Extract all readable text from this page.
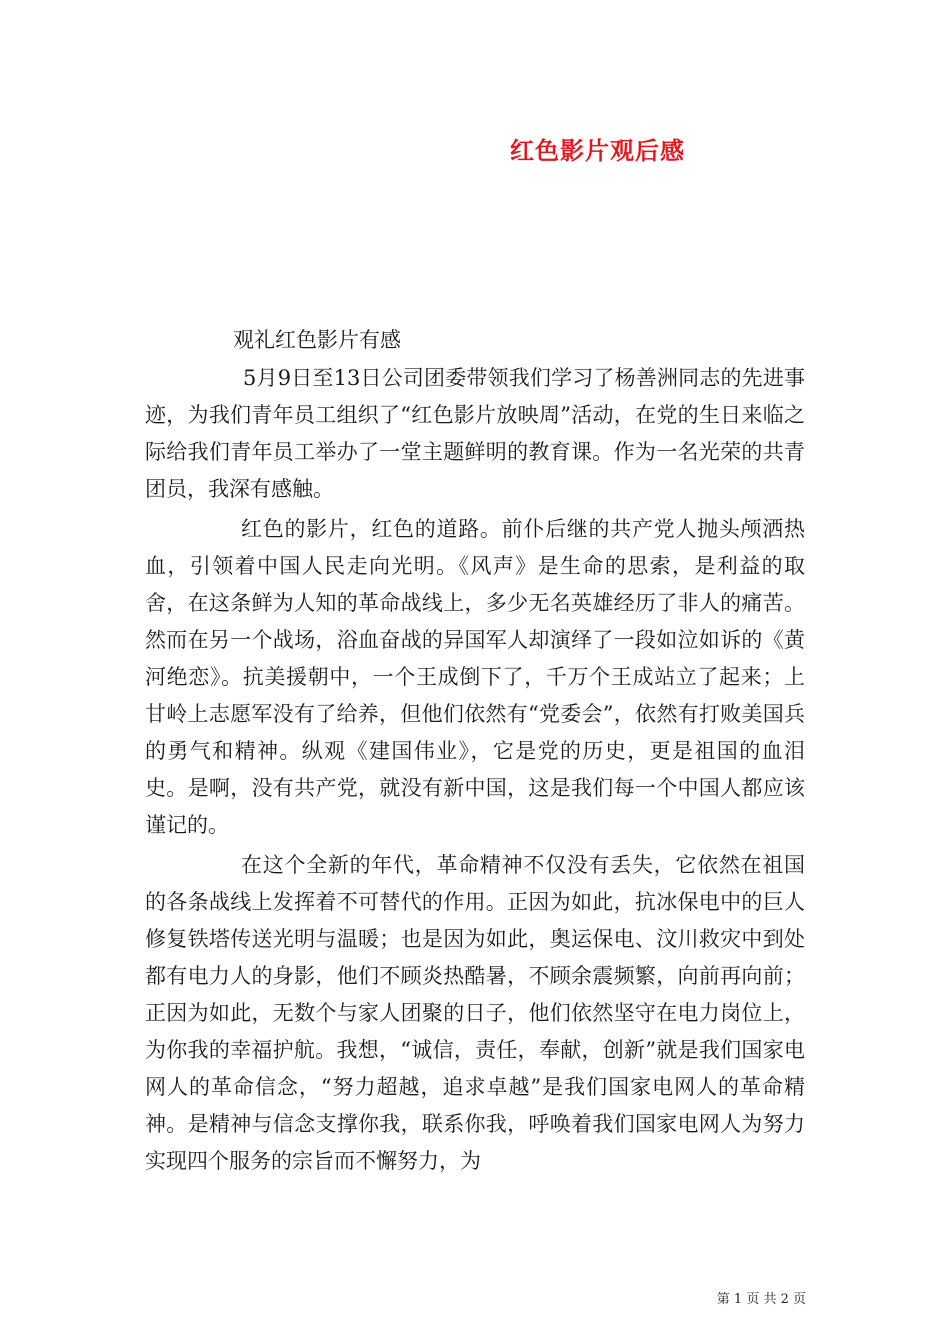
红色影片观后感

观礼红色影片有感

5月9日至13日公司团委带领我们学习了杨善洲同志的先进事迹，为我们青年员工组织了“红色影片放映周”活动，在党的生日来临之际给我们青年员工举办了一堂主题鲜明的教育课。作为一名光荣的共青团员，我深有感触。

红色的影片，红色的道路。前仆后继的共产党人抛头颅洒热血，引领着中国人民走向光明。《风声》是生命的思索，是利益的取舍，在这条鲜为人知的革命战线上，多少无名英雄经历了非人的痛苦。然而在另一个战场，浴血奋战的异国军人却演绎了一段如泣如诉的《黄河绝恋》。抗美援朝中，一个王成倒下了，千万个王成站立了起来；上甘岭上志愿军没有了给养，但他们依然有“党委会”，依然有打败美国兵的勇气和精神。纵观《建国伟业》，它是党的历史，更是祖国的血泪史。是啊，没有共产党，就没有新中国，这是我们每一个中国人都应该谨记的。

在这个全新的年代，革命精神不仅没有丢失，它依然在祖国的各条战线上发挥着不可替代的作用。正因为如此，抗冰保电中的巨人修复铁塔传送光明与温暖；也是因为如此，奥运保电、汶川救灾中到处都有电力人的身影，他们不顾炎热酷暑，不顾余震频繁，向前再向前；正因为如此，无数个与家人团聚的日子，他们依然坚守在电力岗位上，为你我的幸福护航。我想，“诚信，责任，奉献，创新”就是我们国家电网人的革命信念，“努力超越，追求卓越”是我们国家电网人的革命精神。是精神与信念支撑你我，联系你我，呼唤着我们国家电网人为努力实现四个服务的宗旨而不懈努力，为

第 1 页 共 2 页
